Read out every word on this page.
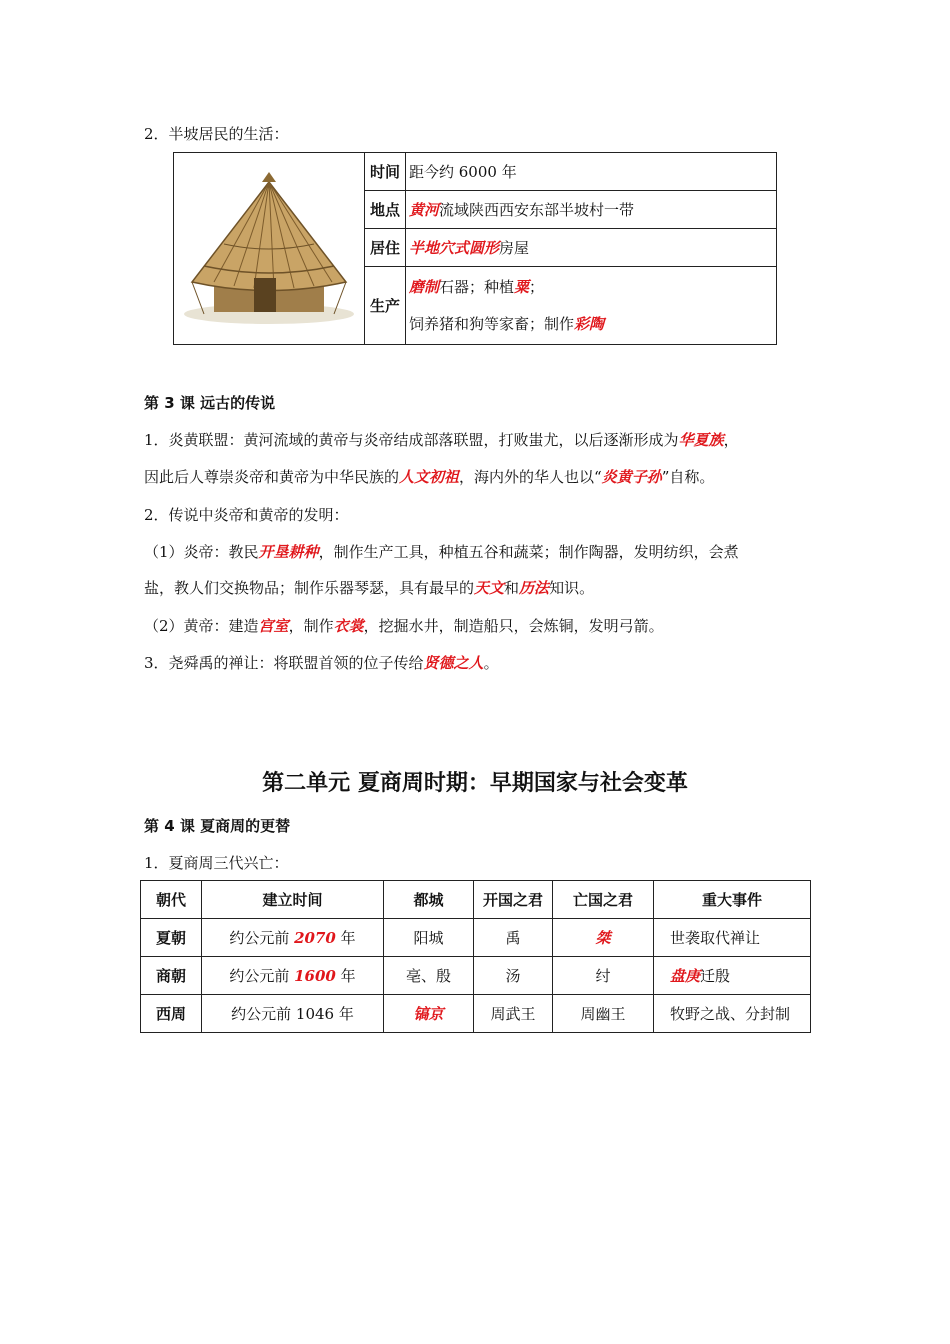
2．半坡居民的生活：
	时间	距今约 6000 年
	地点	黄河流域陕西西安东部半坡村一带
	居住	半地穴式圆形房屋
	生产	磨制石器；种植粟；
饲养猪和狗等家畜；制作彩陶
第 3 课 远古的传说
1．炎黄联盟：黄河流域的黄帝与炎帝结成部落联盟，打败蚩尤，以后逐渐形成为华夏族，
因此后人尊崇炎帝和黄帝为中华民族的人文初祖，海内外的华人也以“炎黄子孙”自称。
2．传说中炎帝和黄帝的发明：
（1）炎帝：教民开垦耕种，制作生产工具，种植五谷和蔬菜；制作陶器，发明纺织，会煮
盐，教人们交换物品；制作乐器琴瑟，具有最早的天文和历法知识。
（2）黄帝：建造宫室，制作衣裳，挖掘水井，制造船只，会炼铜，发明弓箭。
3．尧舜禹的禅让：将联盟首领的位子传给贤德之人。
第二单元 夏商周时期：早期国家与社会变革
第 4 课 夏商周的更替
1．夏商周三代兴亡：
朝代	建立时间	都城	开国之君	亡国之君	重大事件
夏朝	约公元前 2070 年	阳城	禹	桀	世袭取代禅让
商朝	约公元前 1600 年	亳、殷	汤	纣	盘庚迁殷
西周	约公元前 1046 年	镐京	周武王	周幽王	牧野之战、分封制
